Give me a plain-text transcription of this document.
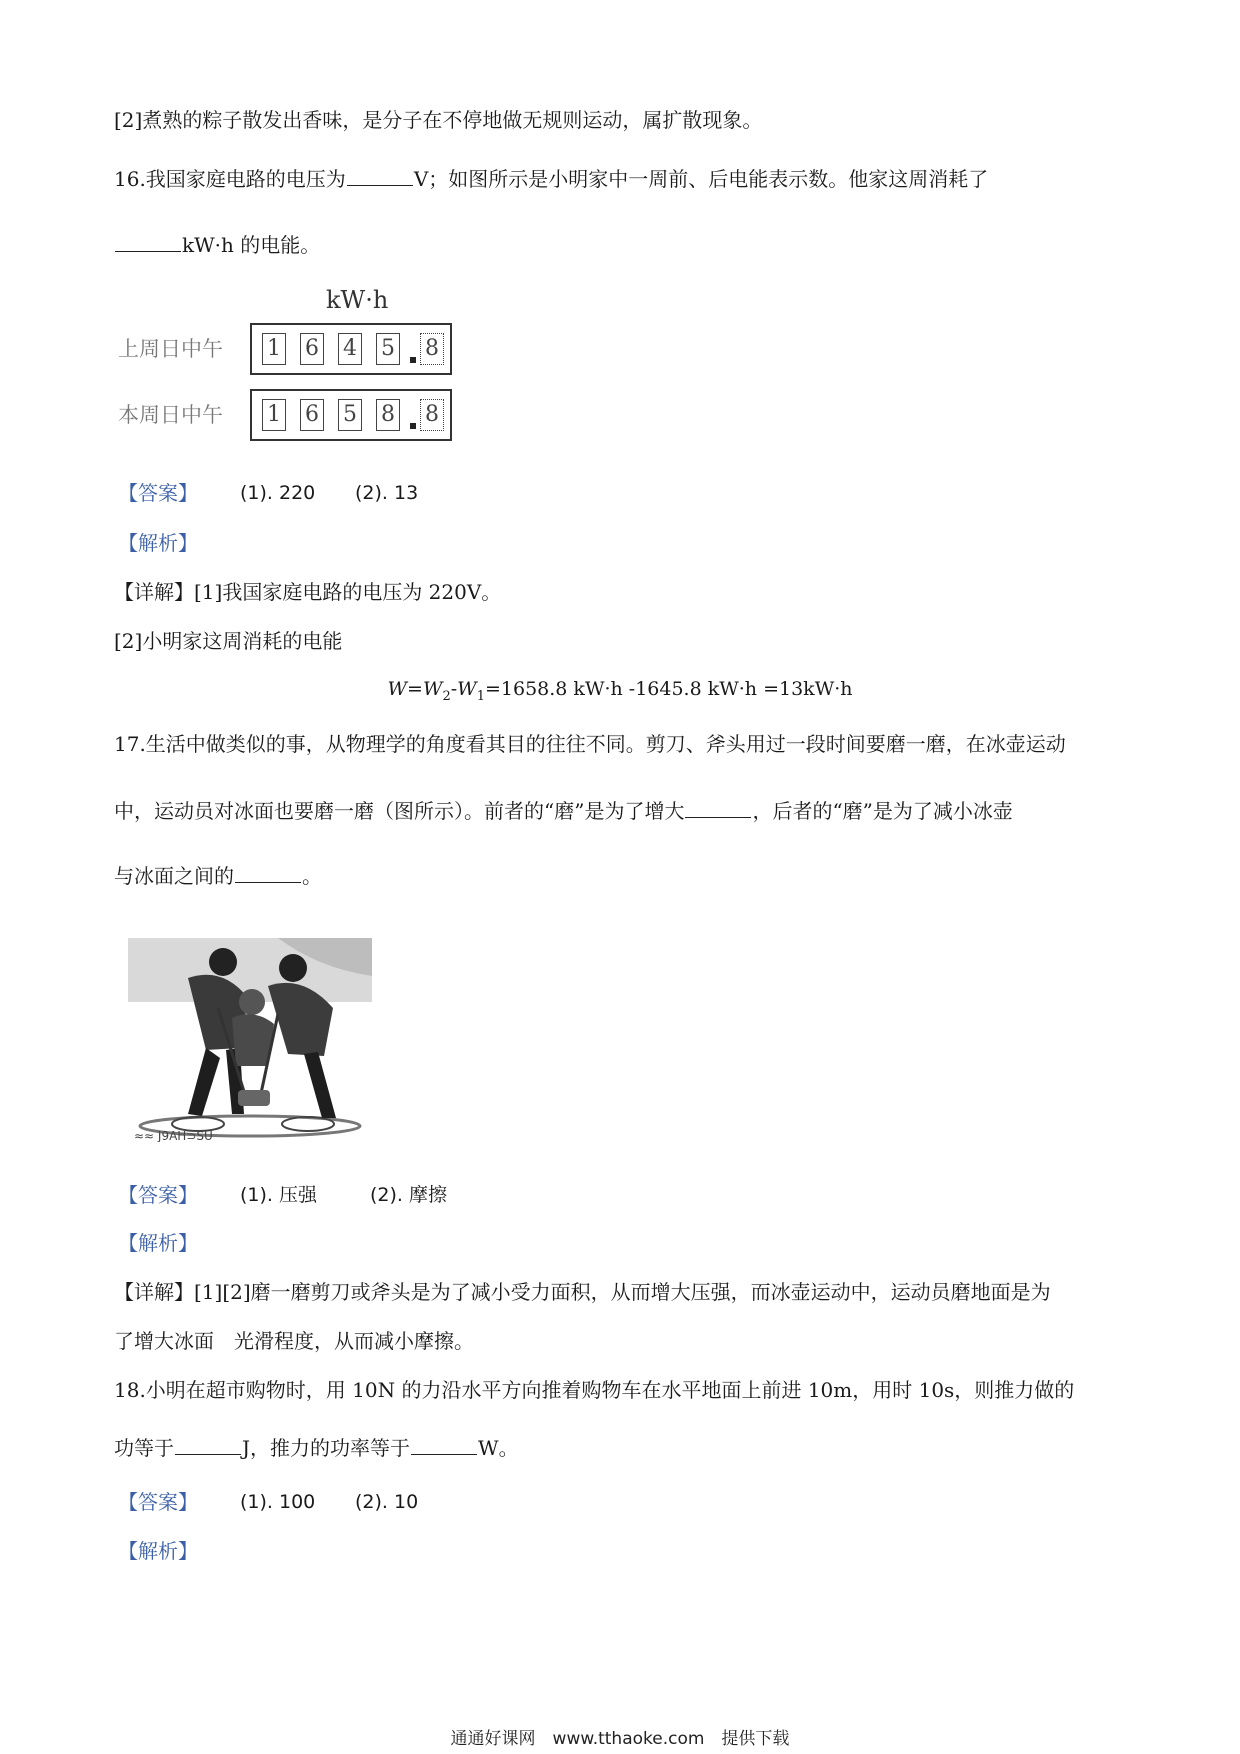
[2]煮熟的粽子散发出香味，是分子在不停地做无规则运动，属扩散现象。
16.我国家庭电路的电压为	V；如图所示是小明家中一周前、后电能表示数。他家这周消耗了
kW·h 的电能。
kW·h
上周日中午 1 6 4 5 8
本周日中午 1 6 5 8 8
【答案】 (1). 220 (2). 13
【解析】
【详解】[1]我国家庭电路的电压为 220V。
[2]小明家这周消耗的电能
$W=W_2-W_1=1658.8$ kW·h -1645.8 kW·h =13kW·h
17.生活中做类似的事，从物理学的角度看其目的往往不同。剪刀、斧头用过一段时间要磨一磨，在冰壶运动
中，运动员对冰面也要磨一磨（图所示）。前者的“磨”是为了增大	，后者的“磨”是为了减小冰壶
与冰面之间的	。
≈≈ J9AH⊃SU
【答案】 (1). 压强	(2). 摩擦
【解析】
【详解】[1][2]磨一磨剪刀或斧头是为了减小受力面积，从而增大压强，而冰壶运动中，运动员磨地面是为
了增大冰面　光滑程度，从而减小摩擦。
18.小明在超市购物时，用 10N 的力沿水平方向推着购物车在水平地面上前进 10m，用时 10s，则推力做的
功等于	J，推力的功率等于	W。
【答案】 (1). 100 (2). 10
【解析】
通通好课网　www.tthaoke.com　提供下载
